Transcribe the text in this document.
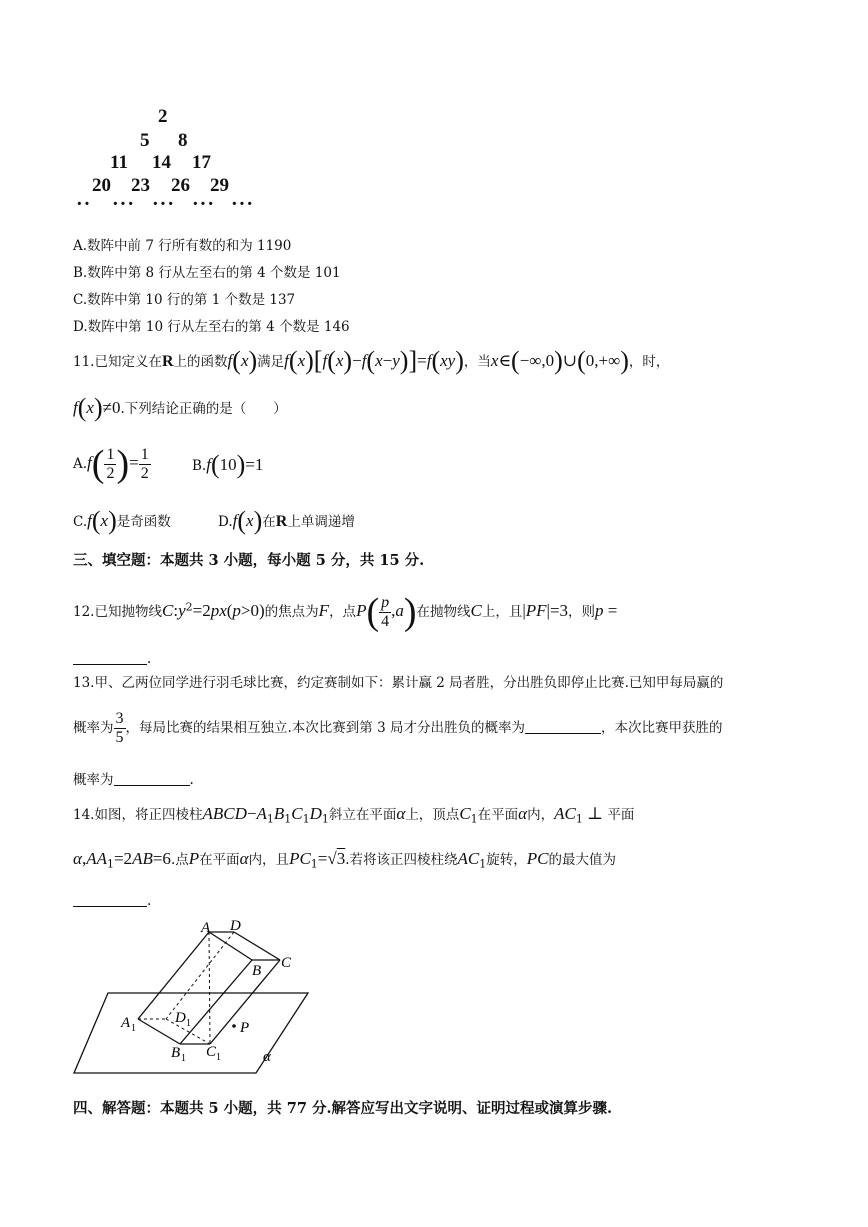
2
5 8
11 14 17
20 23 26 29
·· ··· ··· ··· ···
A.数阵中前 7 行所有数的和为 1190
B.数阵中第 8 行从左至右的第 4 个数是 101
C.数阵中第 10 行的第 1 个数是 137
D.数阵中第 10 行从左至右的第 4 个数是 146
11.已知定义在R上的函数f(x)满足f(x)[f(x)−f(x−y)]=f(xy)，当x∈(−∞,0)∪(0,+∞)，时，
f(x)≠0.下列结论正确的是（　　）
$A.f( \frac{1}{2}$ )= $\frac{1}{2}$	B.f(10)=1
C.f(x)是奇函数	D.f(x)在R上单调递增
三、填空题：本题共 3 小题，每小题 5 分，共 15 分.
12.已知抛物线$C:y^2=2px(p>0)$的焦点为F，点$P( \frac{p}{4} ,a)$在抛物线C上，且|PF|=3，则p =
.
13.甲、乙两位同学进行羽毛球比赛，约定赛制如下：累计赢 2 局者胜，分出胜负即停止比赛.已知甲每局赢的
概率为 $\frac{3}{5}$ ，每局比赛的结果相互独立.本次比赛到第 3 局才分出胜负的概率为	，本次比赛甲获胜的
概率为	.
14.如图，将正四棱柱$ABCD-A_1B_1C_1D_1$斜立在平面α上，顶点$C_1$在平面α内，$AC_1$ ⊥ 平面
$\alpha,AA_1=2AB=6$.点P在平面α内，且$PC_1=√3$.若将该正四棱柱绕$AC_1$旋转，PC的最大值为
.
A D
B C
A 1
D 1
B 1 C 1
P
α
四、解答题：本题共 5 小题，共 77 分.解答应写出文字说明、证明过程或演算步骤.
